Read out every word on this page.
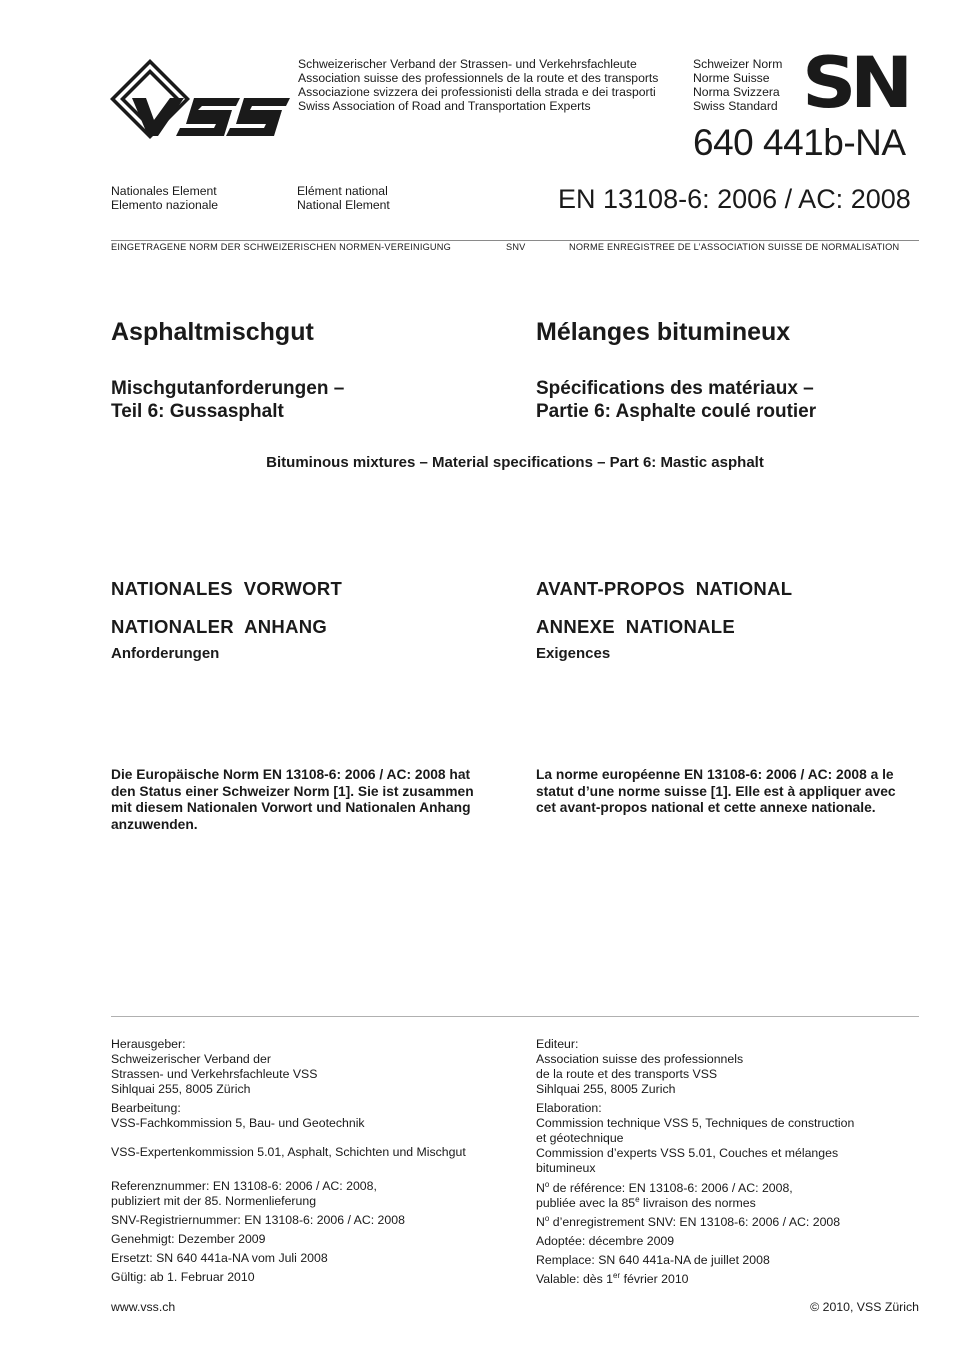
VSS	Schweizerischer Verband der Strassen- und Verkehrsfachleute
Association suisse des professionnels de la route et des transports
Associazione svizzera dei professionisti della strada e dei trasporti
Swiss Association of Road and Transportation Experts
Schweizer Norm
Norme Suisse
Norma Svizzera
Swiss Standard SN
640 441b-NA
Nationales Element
Elemento nazionale
Elément national
National Element	EN 13108-6: 2006 / AC: 2008
EINGETRAGENE NORM DER SCHWEIZERISCHEN NORMEN-VEREINIGUNG	SNV	NORME ENREGISTREE DE L’ASSOCIATION SUISSE DE NORMALISATION
Asphaltmischgut	Mélanges bitumineux
Mischgutanforderungen –
Teil 6: Gussasphalt
Spécifications des matériaux –
Partie 6: Asphalte coulé routier
Bituminous mixtures – Material specifications – Part 6: Mastic asphalt
NATIONALES  VORWORT	AVANT-PROPOS  NATIONAL
NATIONALER  ANHANG	ANNEXE  NATIONALE
Anforderungen	Exigences
Die Europäische Norm EN 13108-6: 2006 / AC: 2008 hat
den Status einer Schweizer Norm [1]. Sie ist zusammen
mit diesem Nationalen Vorwort und Nationalen Anhang
anzuwenden.
La norme européenne EN 13108-6: 2006 / AC: 2008 a le
statut d’une norme suisse [1]. Elle est à appliquer avec
cet avant-propos national et cette annexe nationale.

Herausgeber:

Schweizerischer Verband der

Strassen- und Verkehrsfachleute VSS

Sihlquai 255, 8005 Zürich

Bearbeitung:

VSS-Fachkommission 5, Bau- und Geotechnik

VSS-Expertenkommission 5.01, Asphalt, Schichten und Mischgut

Referenznummer: EN 13108-6: 2006 / AC: 2008,

publiziert mit der 85. Normenlieferung

SNV-Registriernummer: EN 13108-6: 2006 / AC: 2008

Genehmigt: Dezember 2009

Ersetzt: SN 640 441a-NA vom Juli 2008

Gültig: ab 1. Februar 2010

Editeur:

Association suisse des professionnels

de la route et des transports VSS

Sihlquai 255, 8005 Zurich

Elaboration:

Commission technique VSS 5, Techniques de construction

et géotechnique

Commission d’experts VSS 5.01, Couches et mélanges

bitumineux

$N^o$ de référence: EN 13108-6: 2006 / AC: 2008,

publiée avec la 85e livraison des normes

$N^o$ d’enregistrement SNV: EN 13108-6: 2006 / AC: 2008

Adoptée: décembre 2009

Remplace: SN 640 441a-NA de juillet 2008

Valable: dès 1er février 2010

www.vss.ch	© 2010, VSS Zürich
